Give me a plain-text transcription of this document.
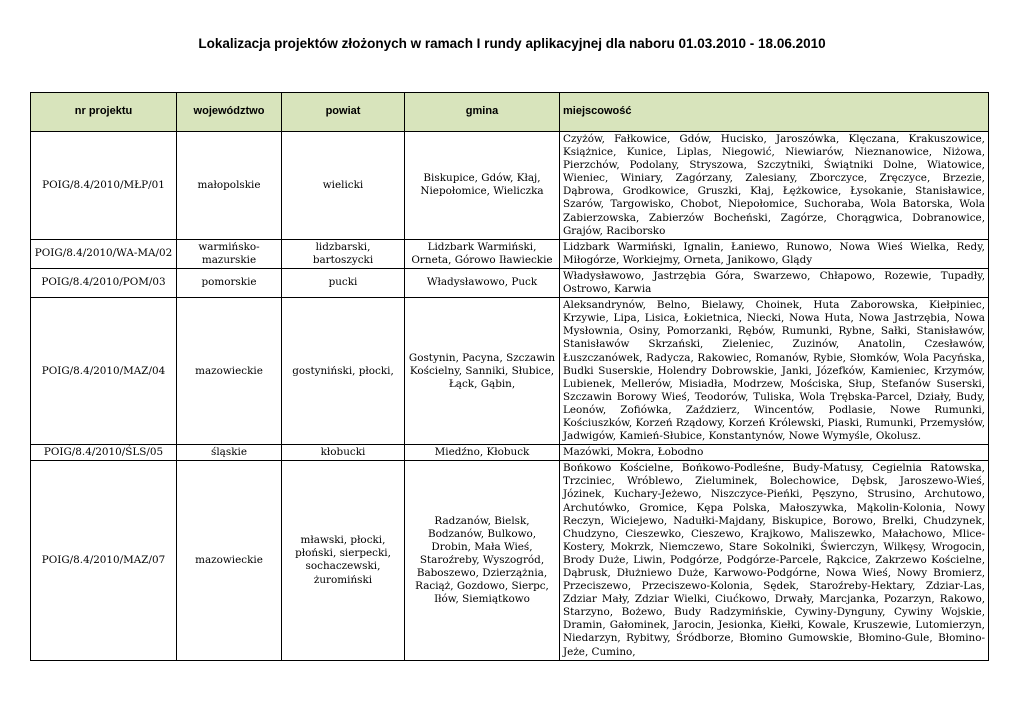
Lokalizacja projektów złożonych w ramach I rundy aplikacyjnej dla naboru 01.03.2010 - 18.06.2010
nr projektu	województwo	powiat	gmina	miejscowość
POIG/8.4/2010/MŁP/01	małopolskie	wielicki	Biskupice, Gdów, Kłaj, Niepołomice, Wieliczka	Czyżów, Fałkowice, Gdów, Hucisko, Jaroszówka, Klęczana, Krakuszowice, Książnice, Kunice, Liplas, Niegowić, Niewiarów, Nieznanowice, Niżowa, Pierzchów, Podolany, Stryszowa, Szczytniki, Świątniki Dolne, Wiatowice, Wieniec, Winiary, Zagórzany, Zalesiany, Zborczyce, Zręczyce, Brzezie, Dąbrowa, Grodkowice, Gruszki, Kłaj, Łężkowice, Łysokanie, Stanisławice, Szarów, Targowisko, Chobot, Niepołomice, Suchoraba, Wola Batorska, Wola Zabierzowska, Zabierzów Bocheński, Zagórze, Chorągwica, Dobranowice, Grajów, Raciborsko
POIG/8.4/2010/WA-MA/02	warmińsko-mazurskie	lidzbarski, bartoszycki	Lidzbark Warmiński, Orneta, Górowo Iławieckie	Lidzbark Warmiński, Ignalin, Łaniewo, Runowo, Nowa Wieś Wielka, Redy, Miłogórze, Workiejmy, Orneta, Janikowo, Glądy
POIG/8.4/2010/POM/03	pomorskie	pucki	Władysławowo, Puck	Władysławowo, Jastrzębia Góra, Swarzewo, Chłapowo, Rozewie, Tupadły, Ostrowo, Karwia
POIG/8.4/2010/MAZ/04	mazowieckie	gostyniński, płocki,	Gostynin, Pacyna, Szczawin Kościelny, Sanniki, Słubice, Łąck, Gąbin,	Aleksandrynów, Belno, Bielawy, Choinek, Huta Zaborowska, Kiełpiniec, Krzywie, Lipa, Lisica, Łokietnica, Niecki, Nowa Huta, Nowa Jastrzębia, Nowa Mysłownia, Osiny, Pomorzanki, Rębów, Rumunki, Rybne, Sałki, Stanisławów, Stanisławów Skrzański, Zieleniec, Zuzinów, Anatolin, Czesławów, Łuszczanówek, Radycza, Rakowiec, Romanów, Rybie, Słomków, Wola Pacyńska, Budki Suserskie, Holendry Dobrowskie, Janki, Józefków, Kamieniec, Krzymów, Lubienek, Mellerów, Misiadła, Modrzew, Mościska, Słup, Stefanów Suserski, Szczawin Borowy Wieś, Teodorów, Tuliska, Wola Trębska-Parcel, Działy, Budy, Leonów, Zofiówka, Zaździerz, Wincentów, Podlasie, Nowe Rumunki, Kościuszków, Korzeń Rządowy, Korzeń Królewski, Piaski, Rumunki, Przemysłów, Jadwigów, Kamień-Słubice, Konstantynów, Nowe Wymyśle, Okolusz.
POIG/8.4/2010/ŚLS/05	śląskie	kłobucki	Miedźno, Kłobuck	Mazówki, Mokra, Łobodno
POIG/8.4/2010/MAZ/07	mazowieckie	mławski, płocki, płoński, sierpecki, sochaczewski, żuromiński	Radzanów, Bielsk, Bodzanów, Bulkowo, Drobin, Mała Wieś, Staroźreby, Wyszogród, Baboszewo, Dzierzążnia, Raciąż, Gozdowo, Sierpc, Iłów, Siemiątkowo	Bońkowo Kościelne, Bońkowo-Podleśne, Budy-Matusy, Cegielnia Ratowska, Trzciniec, Wróblewo, Zieluminek, Bolechowice, Dębsk, Jaroszewo-Wieś, Józinek, Kuchary-Jeżewo, Niszczyce-Pieńki, Pęszyno, Strusino, Archutowo, Archutówko, Gromice, Kępa Polska, Małoszywka, Mąkolin-Kolonia, Nowy Reczyn, Wiciejewo, Nadułki-Majdany, Biskupice, Borowo, Brelki, Chudzynek, Chudzyno, Cieszewko, Cieszewo, Krajkowo, Maliszewko, Małachowo, Mlice-Kostery, Mokrzk, Niemczewo, Stare Sokolniki, Świerczyn, Wilkęsy, Wrogocin, Brody Duże, Liwin, Podgórze, Podgórze-Parcele, Rąkcice, Zakrzewo Kościelne, Dąbrusk, Dłużniewo Duże, Karwowo-Podgórne, Nowa Wieś, Nowy Bromierz, Przeciszewo, Przeciszewo-Kolonia, Sędek, Staroźreby-Hektary, Zdziar-Las, Zdziar Mały, Zdziar Wielki, Ciućkowo, Drwały, Marcjanka, Pozarzyn, Rakowo, Starzyno, Bożewo, Budy Radzymińskie, Cywiny-Dynguny, Cywiny Wojskie, Dramin, Gałominek, Jarocin, Jesionka, Kiełki, Kowale, Kruszewie, Lutomierzyn, Niedarzyn, Rybitwy, Śródborze, Błomino Gumowskie, Błomino-Gule, Błomino-Jeże, Cumino,
